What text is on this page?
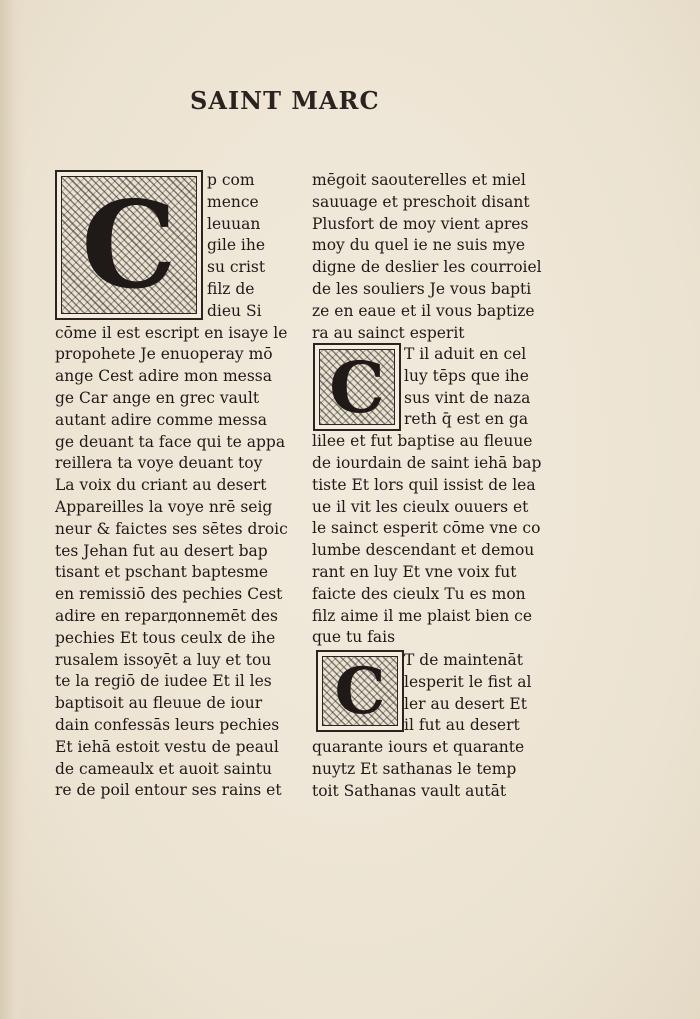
SAINT MARC
C	p com
mence
leuuan
gile ihe
su crist
filz de
dieu Si
cōme il est escript en isaye le
propohete Je enuoperay mō
ange Cest adire mon messa
ge Car ange en grec vault
autant adire comme messa
ge deuant ta face qui te appa
reillera ta voye deuant toy
La voix du criant au desert
Appareilles la voye nrē seig
neur & faictes ses sētes droic
tes Jehan fut au desert bap
tisant et pschant baptesme
en remissiō des pechies Cest
adire en reparдonnemēt des
pechies Et tous ceulx de ihe
rusalem issoyēt a luy et tou
te la regiō de iudee Et il les
baptisoit au fleuue de iour
dain confessās leurs pechies
Et iehā estoit vestu de peaul
de cameaulx et auoit saintu
re de poil entour ses rains et
mēgoit saouterelles et miel
sauuage et preschoit disant
Plusfort de moy vient apres
moy du quel ie ne suis mye
digne de deslier les courroiel
de les souliers Je vous bapti
ze en eaue et il vous baptize
ra au sainct esperit
C	T il aduit en cel
luy tēps que ihe
sus vint de naza
reth q̄ est en ga
lilee et fut baptise au fleuue
de iourdain de saint iehā bap
tiste Et lors quil issist de lea
ue il vit les cieulx ouuers et
le sainct esperit cōme vne co
lumbe descendant et demou
rant en luy Et vne voix fut
faicte des cieulx Tu es mon
filz aime il me plaist bien ce
que tu fais
C	T de maintenāt
lesperit le fist al
ler au desert Et
il fut au desert
quarante iours et quarante
nuytz Et sathanas le temp
toit Sathanas vault autāt
